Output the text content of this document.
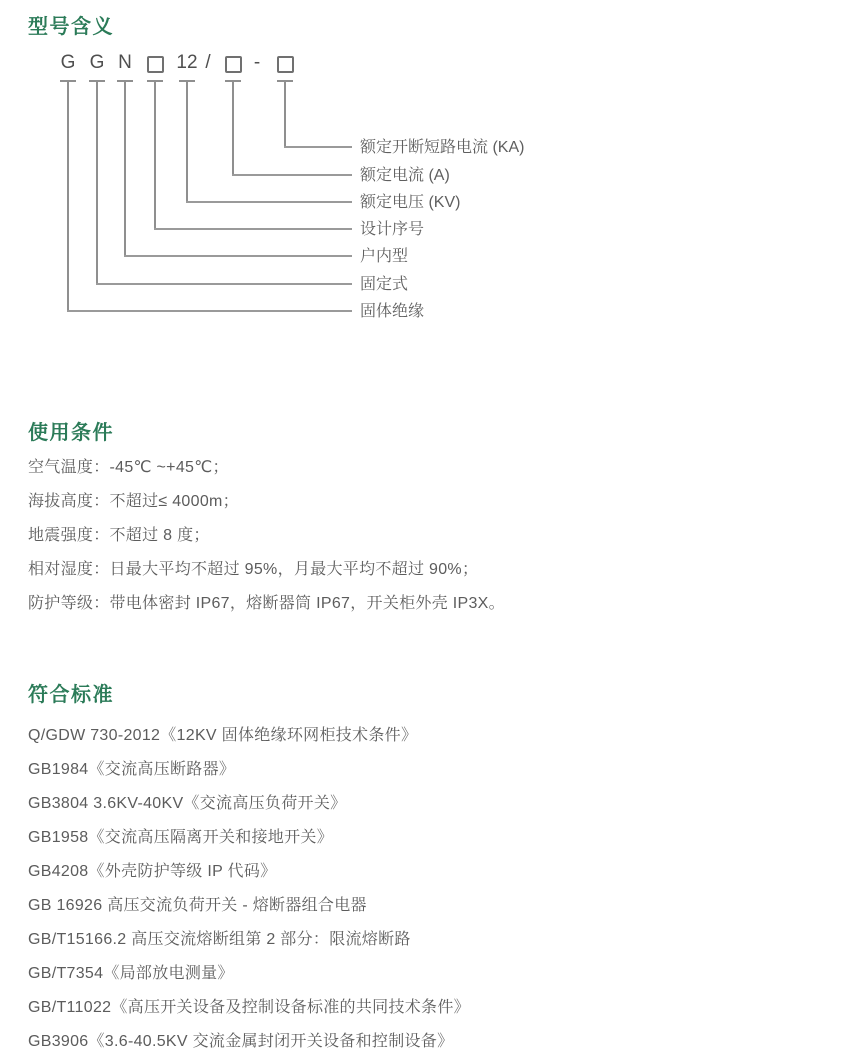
型号含义
G G N	12 /	-
额定开断短路电流 (KA)
额定电流 (A)
额定电压 (KV)
设计序号
户内型
固定式
固体绝缘
使用条件
空气温度：-45℃ ~+45℃；
海拔高度：不超过≤ 4000m；
地震强度：不超过 8 度；
相对湿度：日最大平均不超过 95%，月最大平均不超过 90%；
防护等级：带电体密封 IP67，熔断器筒 IP67，开关柜外壳 IP3X。
符合标准
Q/GDW 730-2012《12KV 固体绝缘环网柜技术条件》
GB1984《交流高压断路器》
GB3804 3.6KV-40KV《交流高压负荷开关》
GB1958《交流高压隔离开关和接地开关》
GB4208《外壳防护等级 IP 代码》
GB 16926 高压交流负荷开关 - 熔断器组合电器
GB/T15166.2 高压交流熔断组第 2 部分：限流熔断路
GB/T7354《局部放电测量》
GB/T11022《高压开关设备及控制设备标准的共同技术条件》
GB3906《3.6-40.5KV 交流金属封闭开关设备和控制设备》
